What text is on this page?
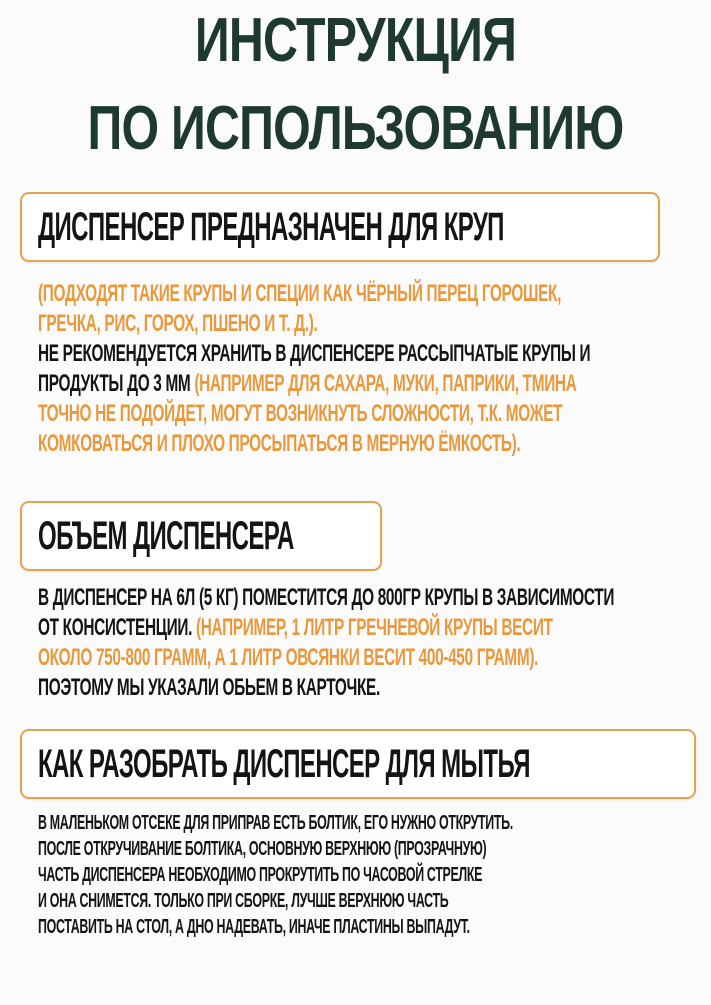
ИНСТРУКЦИЯ
ПО ИСПОЛЬЗОВАНИЮ
ДИСПЕНСЕР ПРЕДНАЗНАЧЕН ДЛЯ КРУП
(ПОДХОДЯТ ТАКИЕ КРУПЫ И СПЕЦИИ КАК ЧЁРНЫЙ ПЕРЕЦ ГОРОШЕК,
ГРЕЧКА, РИС, ГОРОХ, ПШЕНО И Т. Д.).
НЕ РЕКОМЕНДУЕТСЯ ХРАНИТЬ В ДИСПЕНСЕРЕ РАССЫПЧАТЫЕ КРУПЫ И
ПРОДУКТЫ ДО 3 ММ (НАПРИМЕР ДЛЯ САХАРА, МУКИ, ПАПРИКИ, ТМИНА
ТОЧНО НЕ ПОДОЙДЕТ, МОГУТ ВОЗНИКНУТЬ СЛОЖНОСТИ, Т.К. МОЖЕТ
КОМКОВАТЬСЯ И ПЛОХО ПРОСЫПАТЬСЯ В МЕРНУЮ ЁМКОСТЬ).
ОБЪЕМ ДИСПЕНСЕРА
В ДИСПЕНСЕР НА 6Л (5 КГ) ПОМЕСТИТСЯ ДО 800ГР КРУПЫ В ЗАВИСИМОСТИ
ОТ КОНСИСТЕНЦИИ. (НАПРИМЕР, 1 ЛИТР ГРЕЧНЕВОЙ КРУПЫ ВЕСИТ
ОКОЛО 750-800 ГРАММ, А 1 ЛИТР ОВСЯНКИ ВЕСИТ 400-450 ГРАММ).
ПОЭТОМУ МЫ УКАЗАЛИ ОБЬЕМ В КАРТОЧКЕ.
КАК РАЗОБРАТЬ ДИСПЕНСЕР ДЛЯ МЫТЬЯ
В МАЛЕНЬКОМ ОТСЕКЕ ДЛЯ ПРИПРАВ ЕСТЬ БОЛТИК, ЕГО НУЖНО ОТКРУТИТЬ.
ПОСЛЕ ОТКРУЧИВАНИЕ БОЛТИКА, ОСНОВНУЮ ВЕРХНЮЮ (ПРОЗРАЧНУЮ)
ЧАСТЬ ДИСПЕНСЕРА НЕОБХОДИМО ПРОКРУТИТЬ ПО ЧАСОВОЙ СТРЕЛКЕ
И ОНА СНИМЕТСЯ. ТОЛЬКО ПРИ СБОРКЕ, ЛУЧШЕ ВЕРХНЮЮ ЧАСТЬ
ПОСТАВИТЬ НА СТОЛ, А ДНО НАДЕВАТЬ, ИНАЧЕ ПЛАСТИНЫ ВЫПАДУТ.
